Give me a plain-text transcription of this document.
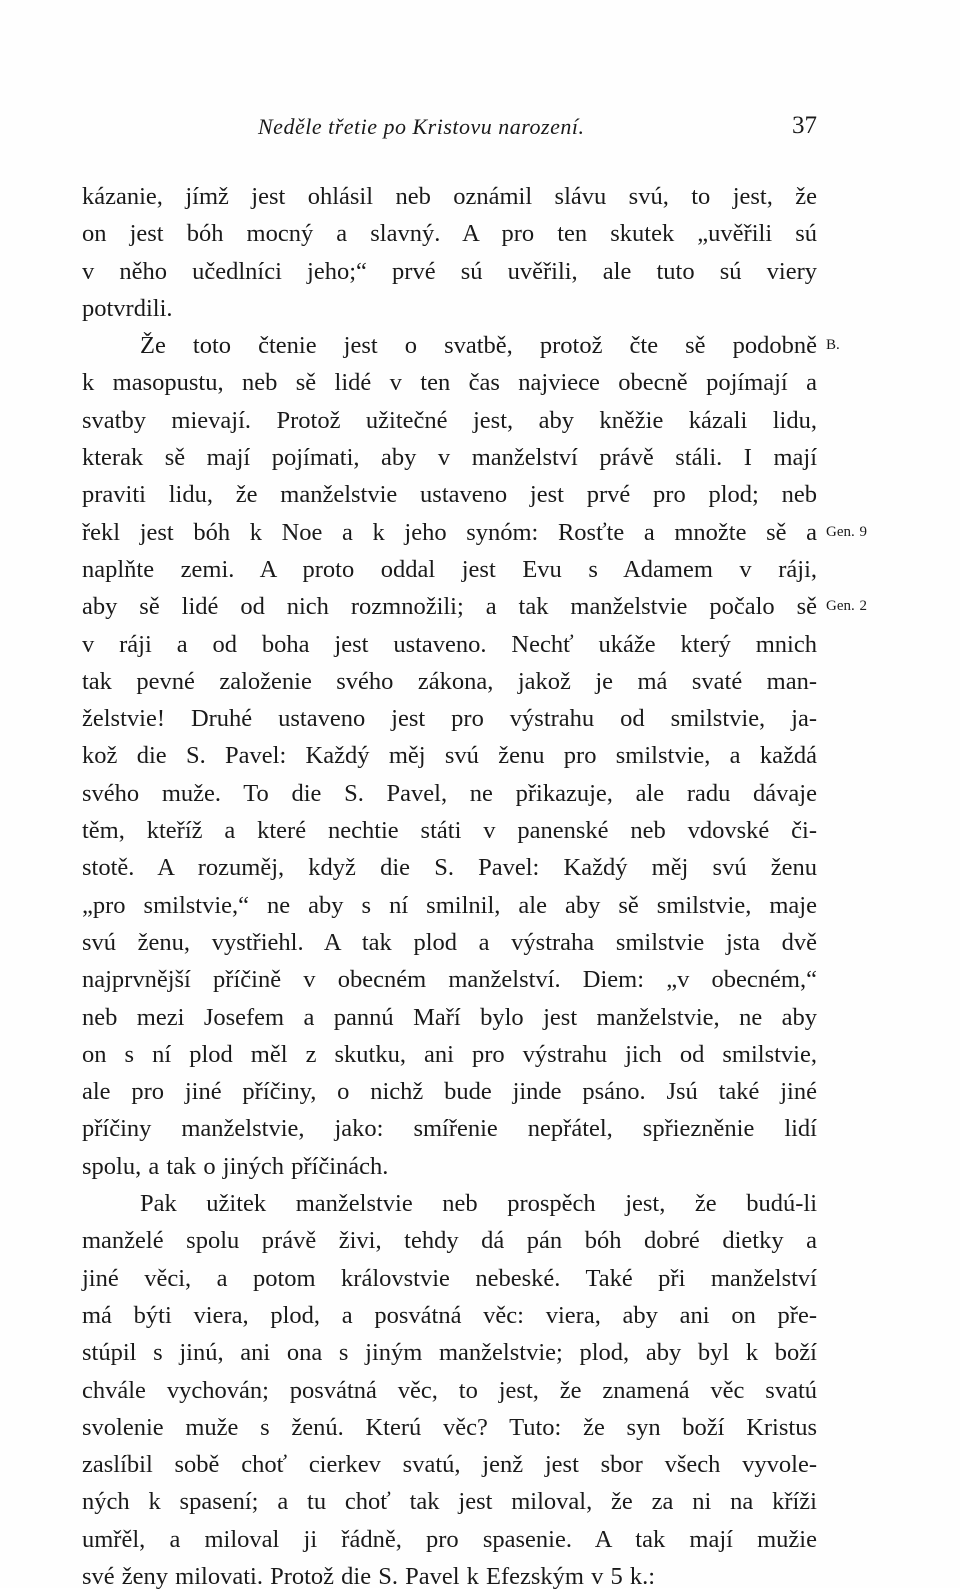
Neděle třetie po Kristovu narození.	37
kázanie, jímž jest ohlásil neb oznámil slávu svú, to jest, že
on jest bóh mocný a slavný. A pro ten skutek „uvěřili sú
v něho učedlníci jeho;“ prvé sú uvěřili, ale tuto sú viery
potvrdili.
Že toto čtenie jest o svatbě, protož čte sě podobně B.
k masopustu, neb sě lidé v ten čas najviece obecně pojímají a
svatby mievají. Protož užitečné jest, aby kněžie kázali lidu,
kterak sě mají pojímati, aby v manželství právě stáli. I mají
praviti lidu, že manželstvie ustaveno jest prvé pro plod; neb
řekl jest bóh k Noe a k jeho synóm: Rosťte a množte sě a Gen. 9
naplňte zemi. A proto oddal jest Evu s Adamem v ráji,
aby sě lidé od nich rozmnožili; a tak manželstvie počalo sě Gen. 2
v ráji a od boha jest ustaveno. Nechť ukáže který mnich
tak pevné založenie svého zákona, jakož je má svaté man-
želstvie! Druhé ustaveno jest pro výstrahu od smilstvie, ja-
kož die S. Pavel: Každý měj svú ženu pro smilstvie, a každá
svého muže. To die S. Pavel, ne přikazuje, ale radu dávaje
těm, kteříž a které nechtie státi v panenské neb vdovské či-
stotě. A rozuměj, když die S. Pavel: Každý měj svú ženu
„pro smilstvie,“ ne aby s ní smilnil, ale aby sě smilstvie, maje
svú ženu, vystřiehl. A tak plod a výstraha smilstvie jsta dvě
najprvnější příčině v obecném manželství. Diem: „v obecném,“
neb mezi Josefem a pannú Maří bylo jest manželstvie, ne aby
on s ní plod měl z skutku, ani pro výstrahu jich od smilstvie,
ale pro jiné příčiny, o nichž bude jinde psáno. Jsú také jiné
příčiny manželstvie, jako: smířenie nepřátel, spřiezněnie lidí
spolu, a tak o jiných příčinách.
Pak užitek manželstvie neb prospěch jest, že budú-li
manželé spolu právě živi, tehdy dá pán bóh dobré dietky a
jiné věci, a potom královstvie nebeské. Také při manželství
má býti viera, plod, a posvátná věc: viera, aby ani on pře-
stúpil s jinú, ani ona s jiným manželstvie; plod, aby byl k boží
chvále vychován; posvátná věc, to jest, že znamená věc svatú
svolenie muže s ženú. Kterú věc? Tuto: že syn boží Kristus
zaslíbil sobě choť cierkev svatú, jenž jest sbor všech vyvole-
ných k spasení; a tu choť tak jest miloval, že za ni na kříži
umřěl, a miloval ji řádně, pro spasenie. A tak mají mužie
své ženy milovati. Protož die S. Pavel k Efezským v 5 k.:
